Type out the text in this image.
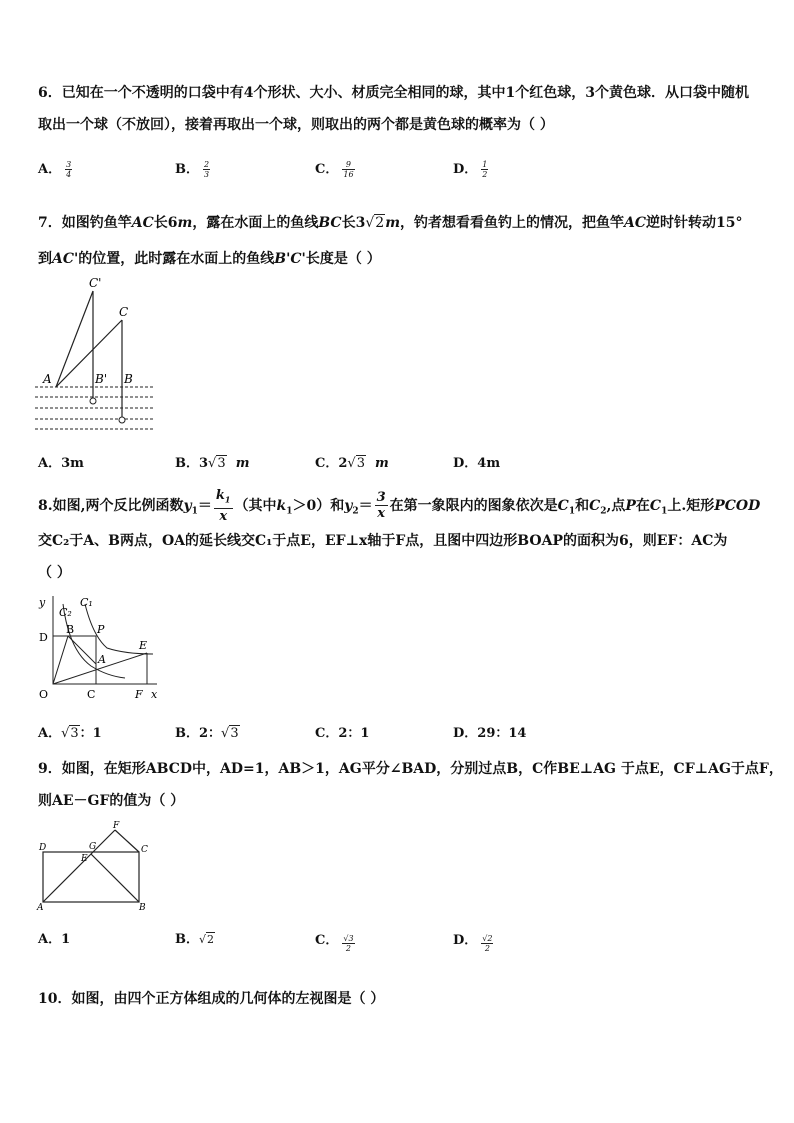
6．已知在一个不透明的口袋中有4个形状、大小、材质完全相同的球，其中1个红色球，3个黄色球．从口袋中随机
取出一个球（不放回），接着再取出一个球，则取出的两个都是黄色球的概率为（ ）
A． $\frac{3}{4}$	B． $\frac{2}{3}$	C． $\frac{9}{16}$	D． $\frac{1}{2}$
7．如图钓鱼竿AC长6m，露在水面上的鱼线BC长3√2m，钓者想看看鱼钓上的情况，把鱼竿AC逆时针转动15°
到AC'的位置，此时露在水面上的鱼线B'C'长度是（ ）
C'
C
A	B' B
A．3m	B．3√3 m	C．2√3 m	D．4m
8.如图,两个反比例函数$y_1= \frac{k_1}{x}$ （其中$k_1>0$）和$y_2= \frac{3}{x}$ 在第一象限内的图象依次是$C_1$和$C_2$,点P在$C_1$上.矩形PCOD
交C₂于A、B两点，OA的延长线交C₁于点E，EF⊥x轴于F点，且图中四边形BOAP的面积为6，则EF：AC为
（ ）
y
C₂
C₁
D
B P
E
A
O	C	F x
A．√3：1	B．2：√3	C．2：1	D．29：14
9．如图，在矩形ABCD中，AD=1，AB＞1，AG平分∠BAD，分别过点B，C作BE⊥AG 于点E，CF⊥AG于点F，
则AE－GF的值为（ ）
F
D	G	C
E
A	B
A．1	B．√2	C． $\frac{√3}{2}$	D． $\frac{√2}{2}$
10．如图，由四个正方体组成的几何体的左视图是（ ）
